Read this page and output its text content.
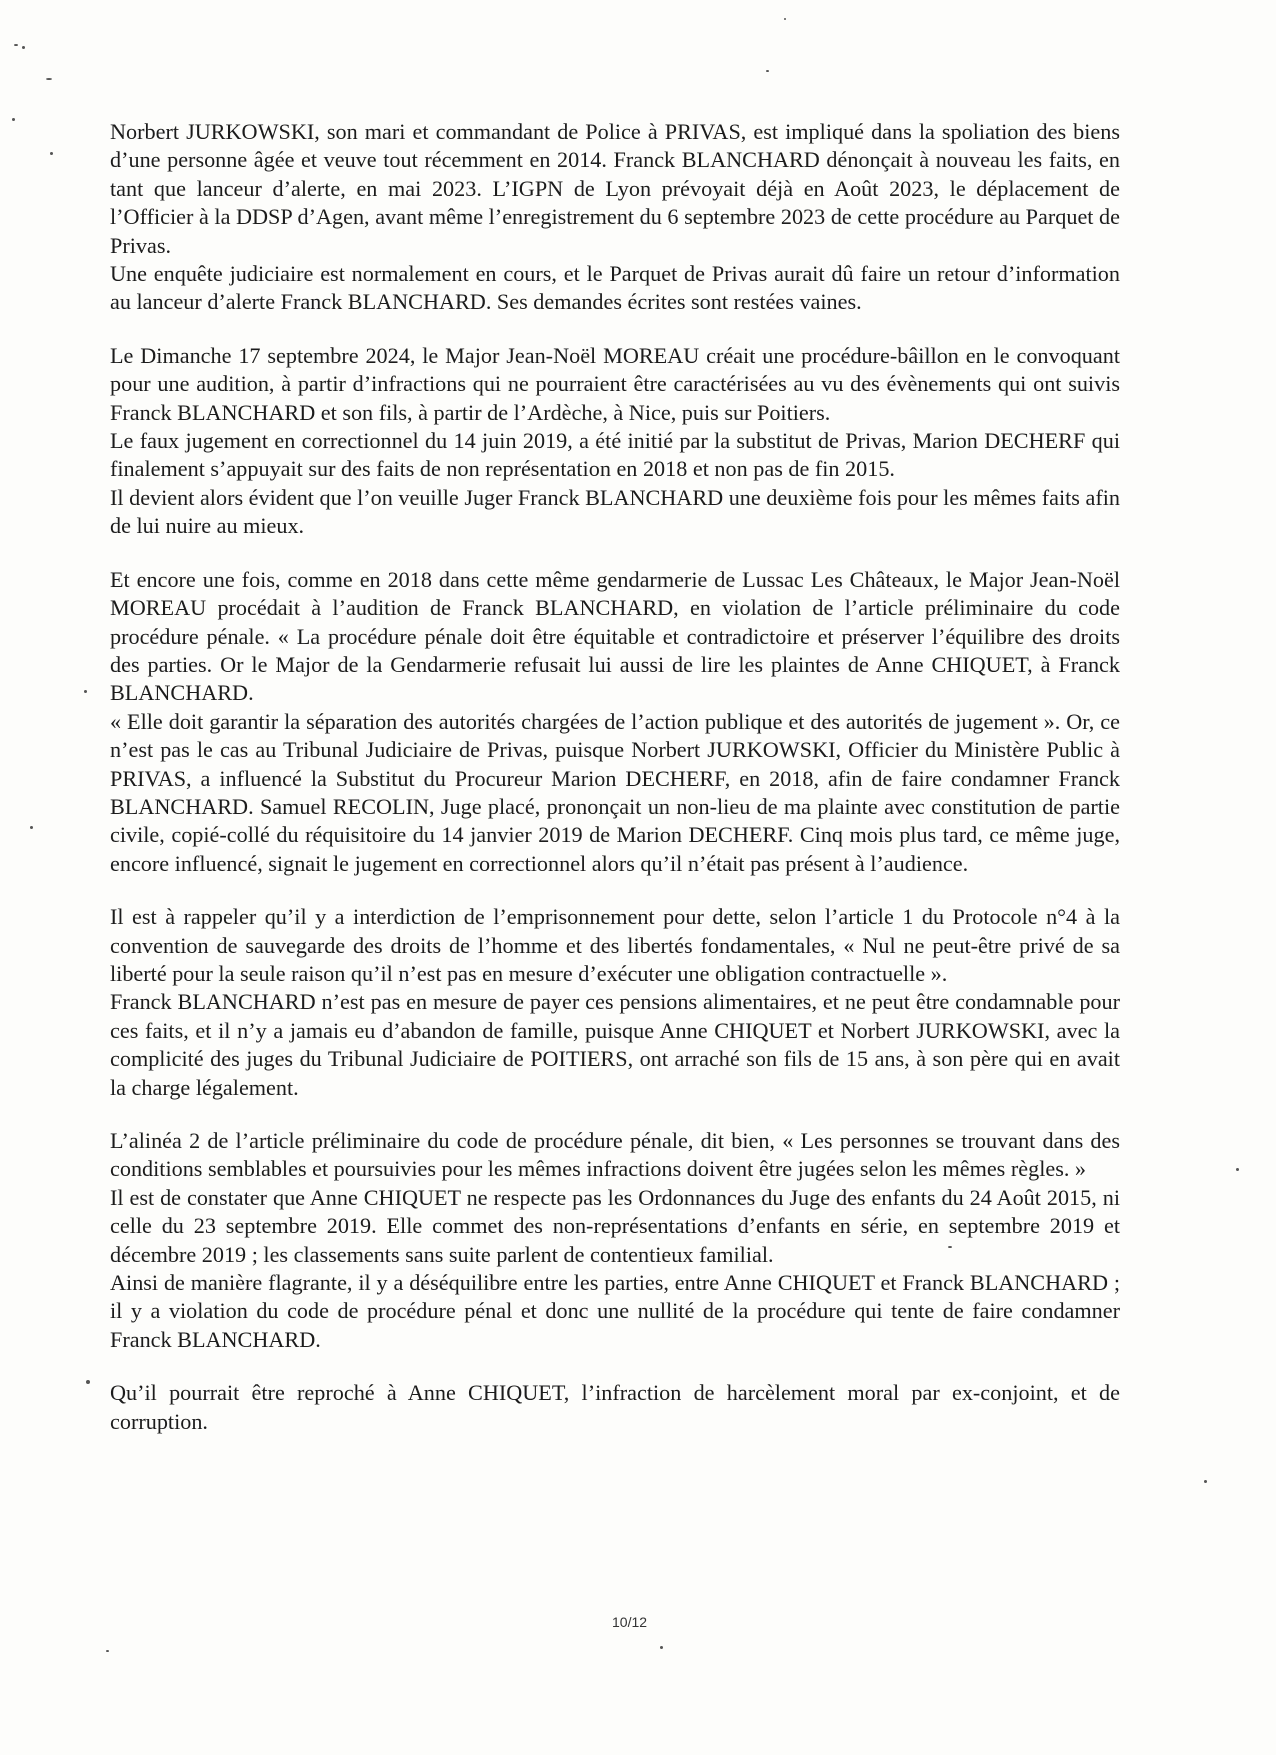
Norbert JURKOWSKI, son mari et commandant de Police à PRIVAS, est impliqué dans la spoliation des biens d’une personne âgée et veuve tout récemment en 2014. Franck BLANCHARD dénonçait à nouveau les faits, en tant que lanceur d’alerte, en mai 2023. L’IGPN de Lyon prévoyait déjà en Août 2023, le déplacement de l’Officier à la DDSP d’Agen, avant même l’enregistrement du 6 septembre 2023 de cette procédure au Parquet de Privas.

Une enquête judiciaire est normalement en cours, et le Parquet de Privas aurait dû faire un retour d’information au lanceur d’alerte Franck BLANCHARD. Ses demandes écrites sont restées vaines.

Le Dimanche 17 septembre 2024, le Major Jean-Noël MOREAU créait une procédure-bâillon en le convoquant pour une audition, à partir d’infractions qui ne pourraient être caractérisées au vu des évènements qui ont suivis Franck BLANCHARD et son fils, à partir de l’Ardèche, à Nice, puis sur Poitiers.

Le faux jugement en correctionnel du 14 juin 2019, a été initié par la substitut de Privas, Marion DECHERF qui finalement s’appuyait sur des faits de non représentation en 2018 et non pas de fin 2015.

Il devient alors évident que l’on veuille Juger Franck BLANCHARD une deuxième fois pour les mêmes faits afin de lui nuire au mieux.

Et encore une fois, comme en 2018 dans cette même gendarmerie de Lussac Les Châteaux, le Major Jean-Noël MOREAU procédait à l’audition de Franck BLANCHARD, en violation de l’article préliminaire du code procédure pénale. « La procédure pénale doit être équitable et contradictoire et préserver l’équilibre des droits des parties. Or le Major de la Gendarmerie refusait lui aussi de lire les plaintes de Anne CHIQUET, à Franck BLANCHARD.

« Elle doit garantir la séparation des autorités chargées de l’action publique et des autorités de jugement ». Or, ce n’est pas le cas au Tribunal Judiciaire de Privas, puisque Norbert JURKOWSKI, Officier du Ministère Public à PRIVAS, a influencé la Substitut du Procureur Marion DECHERF, en 2018, afin de faire condamner Franck BLANCHARD. Samuel RECOLIN, Juge placé, prononçait un non-lieu de ma plainte avec constitution de partie civile, copié-collé du réquisitoire du 14 janvier 2019 de Marion DECHERF. Cinq mois plus tard, ce même juge, encore influencé, signait le jugement en correctionnel alors qu’il n’était pas présent à l’audience.

Il est à rappeler qu’il y a interdiction de l’emprisonnement pour dette, selon l’article 1 du Protocole n°4 à la convention de sauvegarde des droits de l’homme et des libertés fondamentales, « Nul ne peut-être privé de sa liberté pour la seule raison qu’il n’est pas en mesure d’exécuter une obligation contractuelle ».

Franck BLANCHARD n’est pas en mesure de payer ces pensions alimentaires, et ne peut être condamnable pour ces faits, et il n’y a jamais eu d’abandon de famille, puisque Anne CHIQUET et Norbert JURKOWSKI, avec la complicité des juges du Tribunal Judiciaire de POITIERS, ont arraché son fils de 15 ans, à son père qui en avait la charge légalement.

L’alinéa 2 de l’article préliminaire du code de procédure pénale, dit bien, « Les personnes se trouvant dans des conditions semblables et poursuivies pour les mêmes infractions doivent être jugées selon les mêmes règles. »

Il est de constater que Anne CHIQUET ne respecte pas les Ordonnances du Juge des enfants du 24 Août 2015, ni celle du 23 septembre 2019. Elle commet des non-représentations d’enfants en série, en septembre 2019 et décembre 2019 ; les classements sans suite parlent de contentieux familial.

Ainsi de manière flagrante, il y a déséquilibre entre les parties, entre Anne CHIQUET et Franck BLANCHARD ; il y a violation du code de procédure pénal et donc une nullité de la procédure qui tente de faire condamner Franck BLANCHARD.

Qu’il pourrait être reproché à Anne CHIQUET, l’infraction de harcèlement moral par ex-conjoint, et de corruption.

10/12
